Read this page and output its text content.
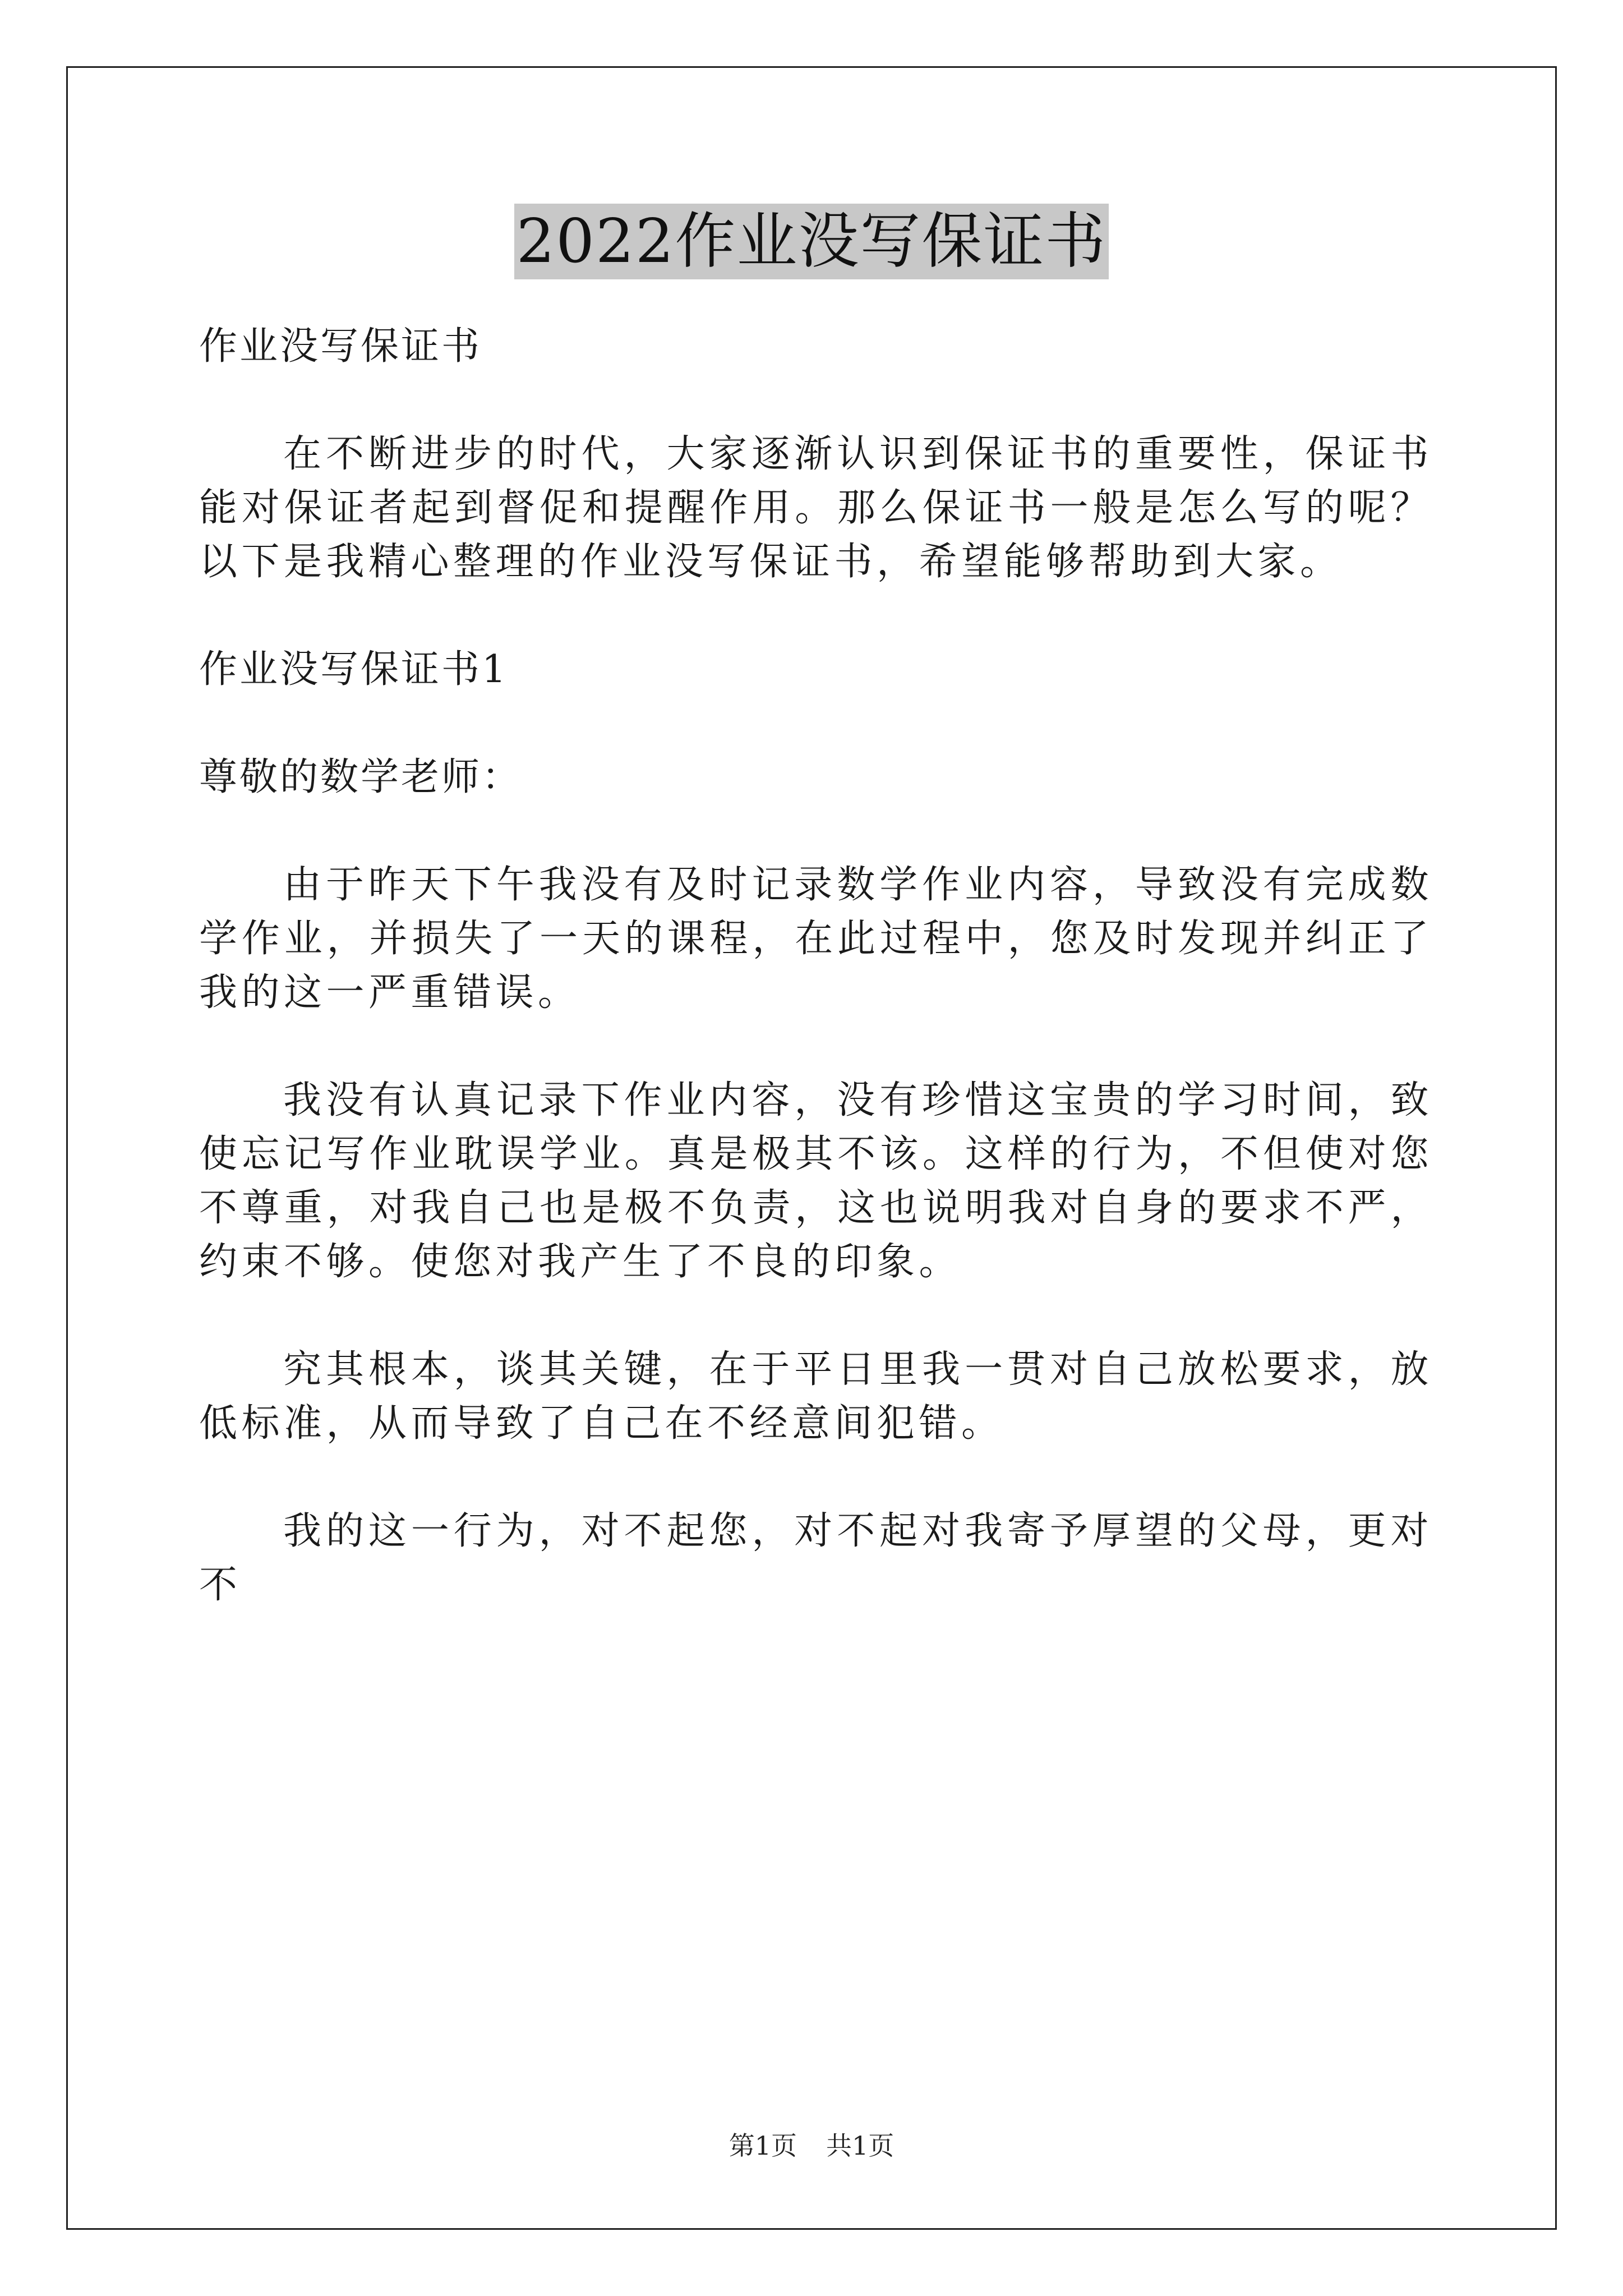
2022作业没写保证书

作业没写保证书

在不断进步的时代，大家逐渐认识到保证书的重要性，保证书能对保证者起到督促和提醒作用。那么保证书一般是怎么写的呢？以下是我精心整理的作业没写保证书，希望能够帮助到大家。

作业没写保证书1

尊敬的数学老师：

由于昨天下午我没有及时记录数学作业内容，导致没有完成数学作业，并损失了一天的课程，在此过程中，您及时发现并纠正了我的这一严重错误。

我没有认真记录下作业内容，没有珍惜这宝贵的学习时间，致使忘记写作业耽误学业。真是极其不该。这样的行为，不但使对您不尊重，对我自己也是极不负责，这也说明我对自身的要求不严，约束不够。使您对我产生了不良的印象。

究其根本，谈其关键，在于平日里我一贯对自己放松要求，放低标准，从而导致了自己在不经意间犯错。

我的这一行为，对不起您，对不起对我寄予厚望的父母，更对不

第1页 共1页
